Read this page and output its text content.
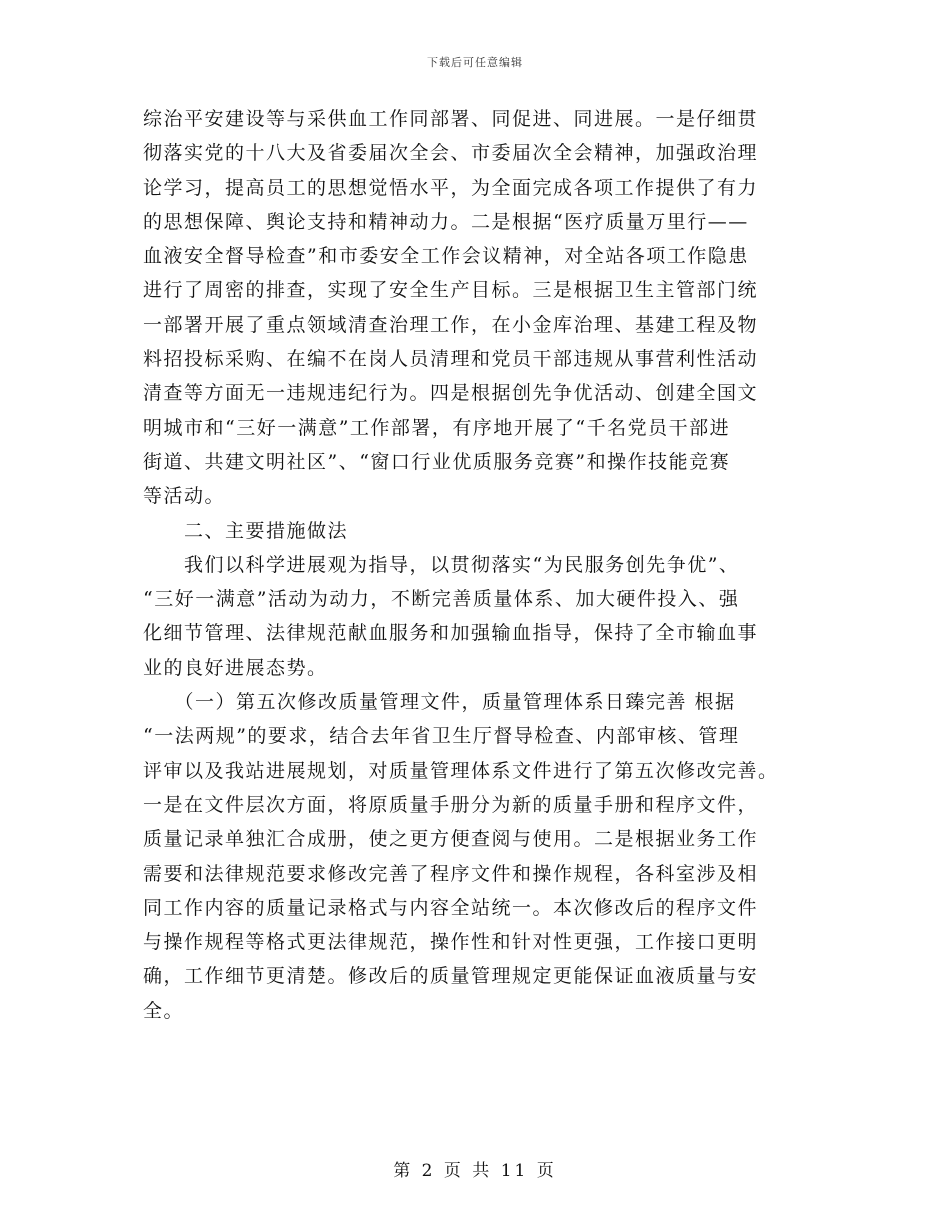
下载后可任意编辑
综治平安建设等与采供血工作同部署、同促进、同进展。一是仔细贯
彻落实党的十八大及省委届次全会、市委届次全会精神，加强政治理
论学习，提高员工的思想觉悟水平，为全面完成各项工作提供了有力
的思想保障、舆论支持和精神动力。二是根据“医疗质量万里行——
血液安全督导检查”和市委安全工作会议精神，对全站各项工作隐患
进行了周密的排查，实现了安全生产目标。三是根据卫生主管部门统
一部署开展了重点领域清查治理工作，在小金库治理、基建工程及物
料招投标采购、在编不在岗人员清理和党员干部违规从事营利性活动
清查等方面无一违规违纪行为。四是根据创先争优活动、创建全国文
明城市和“三好一满意”工作部署，有序地开展了“千名党员干部进
街道、共建文明社区”、“窗口行业优质服务竞赛”和操作技能竞赛
等活动。
　　二、主要措施做法
　　我们以科学进展观为指导，以贯彻落实“为民服务创先争优”、
“三好一满意”活动为动力，不断完善质量体系、加大硬件投入、强
化细节管理、法律规范献血服务和加强输血指导，保持了全市输血事
业的良好进展态势。
　　（一）第五次修改质量管理文件，质量管理体系日臻完善 根据
“一法两规”的要求，结合去年省卫生厅督导检查、内部审核、管理
评审以及我站进展规划，对质量管理体系文件进行了第五次修改完善。
一是在文件层次方面，将原质量手册分为新的质量手册和程序文件，
质量记录单独汇合成册，使之更方便查阅与使用。二是根据业务工作
需要和法律规范要求修改完善了程序文件和操作规程，各科室涉及相
同工作内容的质量记录格式与内容全站统一。本次修改后的程序文件
与操作规程等格式更法律规范，操作性和针对性更强，工作接口更明
确，工作细节更清楚。修改后的质量管理规定更能保证血液质量与安
全。
第 2 页 共 11 页
